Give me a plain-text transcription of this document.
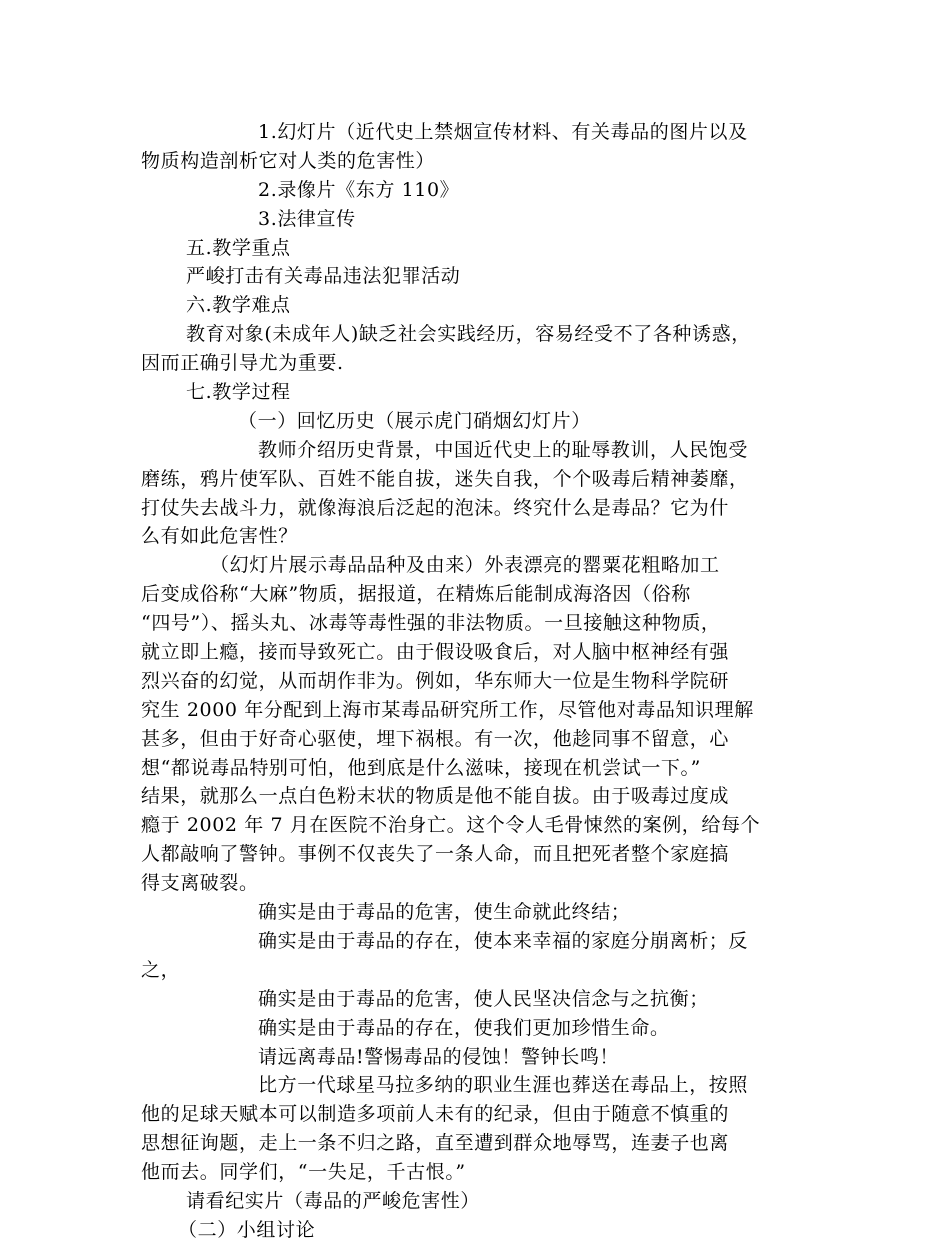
1.幻灯片（近代史上禁烟宣传材料、有关毒品的图片以及
物质构造剖析它对人类的危害性）
2.录像片《东方 110》
3.法律宣传
五.教学重点
严峻打击有关毒品违法犯罪活动
六.教学难点
教育对象(未成年人)缺乏社会实践经历，容易经受不了各种诱惑，
因而正确引导尤为重要.
七.教学过程
（一）回忆历史（展示虎门硝烟幻灯片）
教师介绍历史背景，中国近代史上的耻辱教训，人民饱受
磨练，鸦片使军队、百姓不能自拔，迷失自我，个个吸毒后精神萎靡，
打仗失去战斗力，就像海浪后泛起的泡沫。终究什么是毒品？它为什
么有如此危害性？
（幻灯片展示毒品品种及由来）外表漂亮的罂粟花粗略加工
后变成俗称“大麻”物质，据报道，在精炼后能制成海洛因（俗称
“四号”）、摇头丸、冰毒等毒性强的非法物质。一旦接触这种物质，
就立即上瘾，接而导致死亡。由于假设吸食后，对人脑中枢神经有强
烈兴奋的幻觉，从而胡作非为。例如，华东师大一位是生物科学院研
究生 2000 年分配到上海市某毒品研究所工作，尽管他对毒品知识理解
甚多，但由于好奇心驱使，埋下祸根。有一次，他趁同事不留意，心
想“都说毒品特别可怕，他到底是什么滋味，接现在机尝试一下。”
结果，就那么一点白色粉末状的物质是他不能自拔。由于吸毒过度成
瘾于 2002 年 7 月在医院不治身亡。这个令人毛骨悚然的案例，给每个
人都敲响了警钟。事例不仅丧失了一条人命，而且把死者整个家庭搞
得支离破裂。
确实是由于毒品的危害，使生命就此终结；
确实是由于毒品的存在，使本来幸福的家庭分崩离析；反
之，
确实是由于毒品的危害，使人民坚决信念与之抗衡；
确实是由于毒品的存在，使我们更加珍惜生命。
请远离毒品!警惕毒品的侵蚀！警钟长鸣！
比方一代球星马拉多纳的职业生涯也葬送在毒品上，按照
他的足球天赋本可以制造多项前人未有的纪录，但由于随意不慎重的
思想征询题，走上一条不归之路，直至遭到群众地辱骂，连妻子也离
他而去。同学们，“一失足，千古恨。”
请看纪实片（毒品的严峻危害性）
（二）小组讨论
